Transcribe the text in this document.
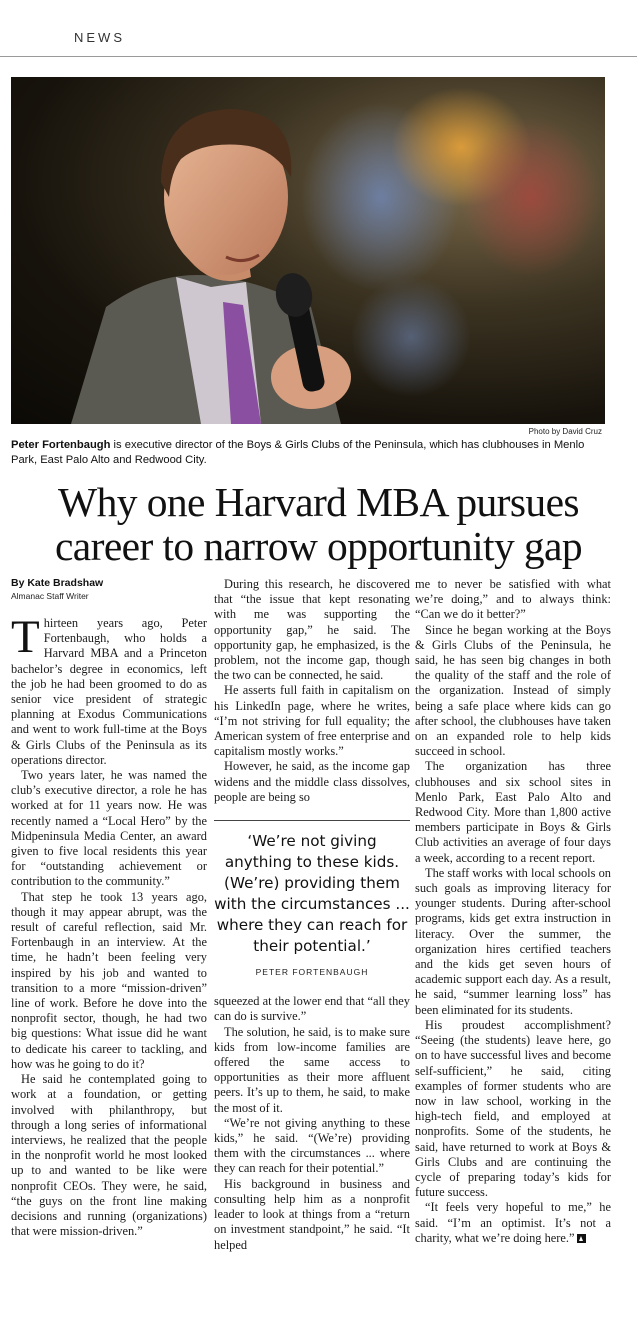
NEWS
Photo by David Cruz
Peter Fortenbaugh is executive director of the Boys & Girls Clubs of the Peninsula, which has clubhouses in Menlo Park, East Palo Alto and Redwood City.
Why one Harvard MBA pursues career to narrow opportunity gap
By Kate Bradshaw
Almanac Staff Writer

Thirteen years ago, Peter Fortenbaugh, who holds a Harvard MBA and a Princeton bachelor’s degree in economics, left the job he had been groomed to do as senior vice president of strategic planning at Exodus Communications and went to work full-time at the Boys & Girls Clubs of the Peninsula as its operations director.

Two years later, he was named the club’s executive director, a role he has worked at for 11 years now. He was recently named a “Local Hero” by the Midpeninsula Media Center, an award given to five local residents this year for “outstanding achievement or contribution to the community.”

That step he took 13 years ago, though it may appear abrupt, was the result of careful reflection, said Mr. Fortenbaugh in an interview. At the time, he hadn’t been feeling very inspired by his job and wanted to transition to a more “mission-driven” line of work. Before he dove into the nonprofit sector, though, he had two big questions: What issue did he want to dedicate his career to tackling, and how was he going to do it?

He said he contemplated going to work at a foundation, or getting involved with philanthropy, but through a long series of informational interviews, he realized that the people in the nonprofit world he most looked up to and wanted to be like were nonprofit CEOs. They were, he said, “the guys on the front line making decisions and running (organizations) that were mission-driven.”

During this research, he discovered that “the issue that kept resonating with me was supporting the opportunity gap,” he said. The opportunity gap, he emphasized, is the problem, not the income gap, though the two can be connected, he said.

He asserts full faith in capitalism on his LinkedIn page, where he writes, “I’m not striving for full equality; the American system of free enterprise and capitalism mostly works.”

However, he said, as the income gap widens and the middle class dissolves, people are being so

‘We’re not giving anything to these kids. (We’re) providing them with the circumstances ... where they can reach for their potential.’
PETER FORTENBAUGH

squeezed at the lower end that “all they can do is survive.”

The solution, he said, is to make sure kids from low-income families are offered the same access to opportunities as their more affluent peers. It’s up to them, he said, to make the most of it.

“We’re not giving anything to these kids,” he said. “(We’re) providing them with the circumstances ... where they can reach for their potential.”

His background in business and consulting help him as a nonprofit leader to look at things from a “return on investment standpoint,” he said. “It helped

me to never be satisfied with what we’re doing,” and to always think: “Can we do it better?”

Since he began working at the Boys & Girls Clubs of the Peninsula, he said, he has seen big changes in both the quality of the staff and the role of the organization. Instead of simply being a safe place where kids can go after school, the clubhouses have taken on an expanded role to help kids succeed in school.

The organization has three clubhouses and six school sites in Menlo Park, East Palo Alto and Redwood City. More than 1,800 active members participate in Boys & Girls Club activities an average of four days a week, according to a recent report.

The staff works with local schools on such goals as improving literacy for younger students. During after-school programs, kids get extra instruction in literacy. Over the summer, the organization hires certified teachers and the kids get seven hours of academic support each day. As a result, he said, “summer learning loss” has been eliminated for its students.

His proudest accomplishment? “Seeing (the students) leave here, go on to have successful lives and become self-sufficient,” he said, citing examples of former students who are now in law school, working in the high-tech field, and employed at nonprofits. Some of the students, he said, have returned to work at Boys & Girls Clubs and are continuing the cycle of preparing today’s kids for future success.

“It feels very hopeful to me,” he said. “I’m an optimist. It’s not a charity, what we’re doing here.”
